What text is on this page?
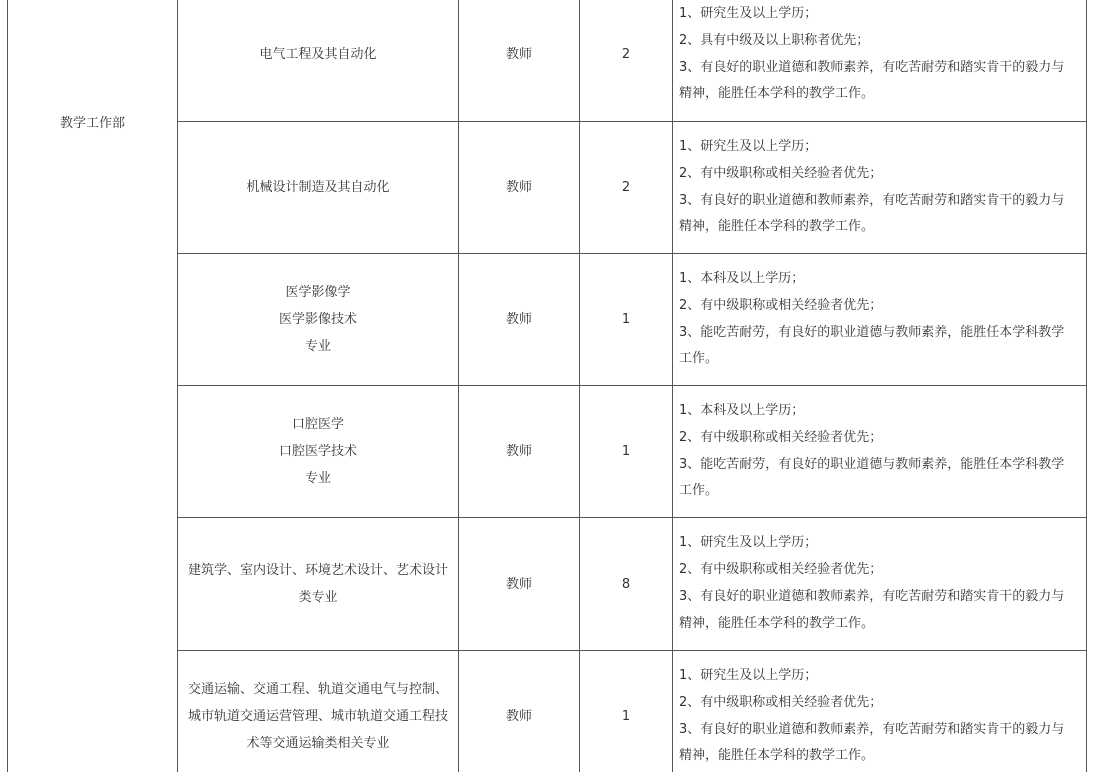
教学工作部
电气工程及其自动化	教师	2
1、研究生及以上学历；
2、具有中级及以上职称者优先；
3、有良好的职业道德和教师素养，有吃苦耐劳和踏实肯干的毅力与
精神，能胜任本学科的教学工作。
机械设计制造及其自动化	教师	2
1、研究生及以上学历；
2、有中级职称或相关经验者优先；
3、有良好的职业道德和教师素养，有吃苦耐劳和踏实肯干的毅力与
精神，能胜任本学科的教学工作。
医学影像学
医学影像技术
专业
教师	1
1、本科及以上学历；
2、有中级职称或相关经验者优先；
3、能吃苦耐劳，有良好的职业道德与教师素养，能胜任本学科教学
工作。
口腔医学
口腔医学技术
专业
教师	1
1、本科及以上学历；
2、有中级职称或相关经验者优先；
3、能吃苦耐劳，有良好的职业道德与教师素养，能胜任本学科教学
工作。
建筑学、室内设计、环境艺术设计、艺术设计
类专业
教师	8
1、研究生及以上学历；
2、有中级职称或相关经验者优先；
3、有良好的职业道德和教师素养，有吃苦耐劳和踏实肯干的毅力与
精神，能胜任本学科的教学工作。
交通运输、交通工程、轨道交通电气与控制、
城市轨道交通运营管理、城市轨道交通工程技
术等交通运输类相关专业
教师	1
1、研究生及以上学历；
2、有中级职称或相关经验者优先；
3、有良好的职业道德和教师素养，有吃苦耐劳和踏实肯干的毅力与
精神，能胜任本学科的教学工作。
